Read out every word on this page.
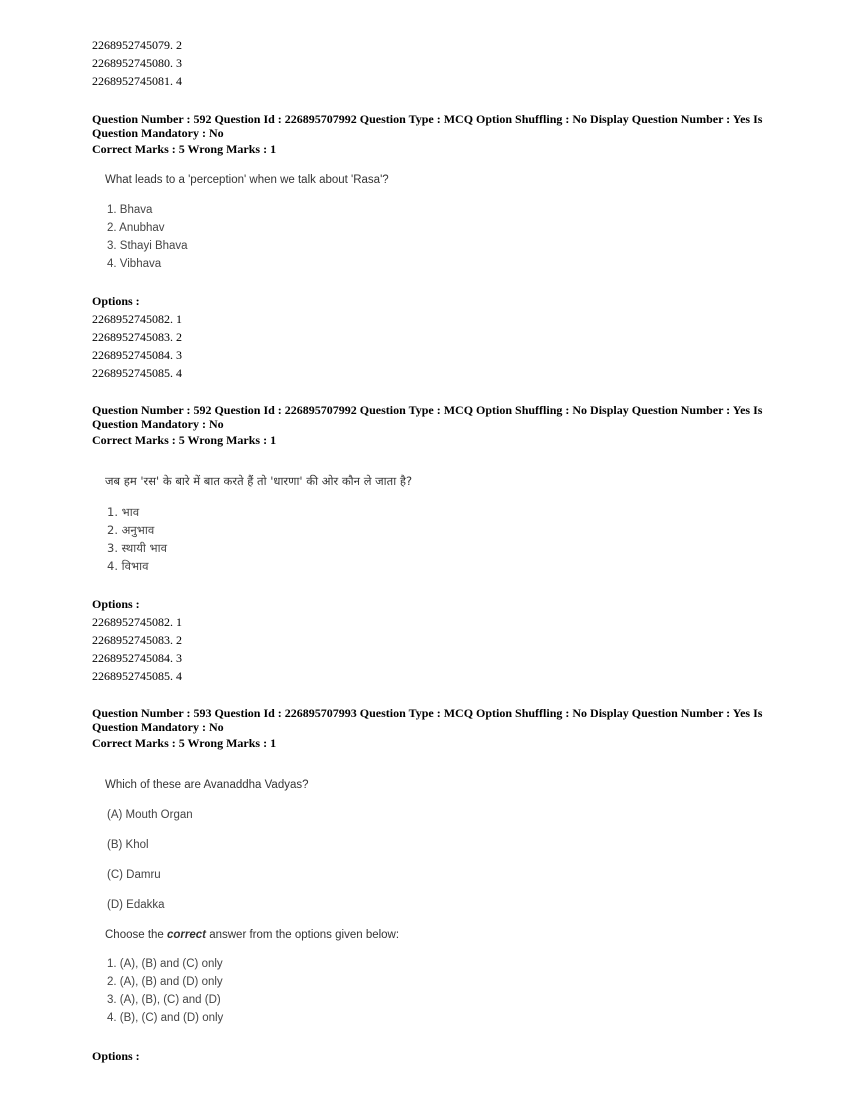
2268952745079. 2
2268952745080. 3
2268952745081. 4
Question Number : 592 Question Id : 226895707992 Question Type : MCQ Option Shuffling : No Display Question Number : Yes Is
Question Mandatory : No
Correct Marks : 5 Wrong Marks : 1
What leads to a 'perception' when we talk about 'Rasa'?
1. Bhava
2. Anubhav
3. Sthayi Bhava
4. Vibhava
Options :
2268952745082. 1
2268952745083. 2
2268952745084. 3
2268952745085. 4
Question Number : 592 Question Id : 226895707992 Question Type : MCQ Option Shuffling : No Display Question Number : Yes Is
Question Mandatory : No
Correct Marks : 5 Wrong Marks : 1
जब हम 'रस' के बारे में बात करते हैं तो 'धारणा' की ओर कौन ले जाता है?
1. भाव
2. अनुभाव
3. स्थायी भाव
4. विभाव
Options :
2268952745082. 1
2268952745083. 2
2268952745084. 3
2268952745085. 4
Question Number : 593 Question Id : 226895707993 Question Type : MCQ Option Shuffling : No Display Question Number : Yes Is
Question Mandatory : No
Correct Marks : 5 Wrong Marks : 1
Which of these are Avanaddha Vadyas?
(A) Mouth Organ
(B) Khol
(C) Damru
(D) Edakka
Choose the correct answer from the options given below:
1. (A), (B) and (C) only
2. (A), (B) and (D) only
3. (A), (B), (C) and (D)
4. (B), (C) and (D) only
Options :
